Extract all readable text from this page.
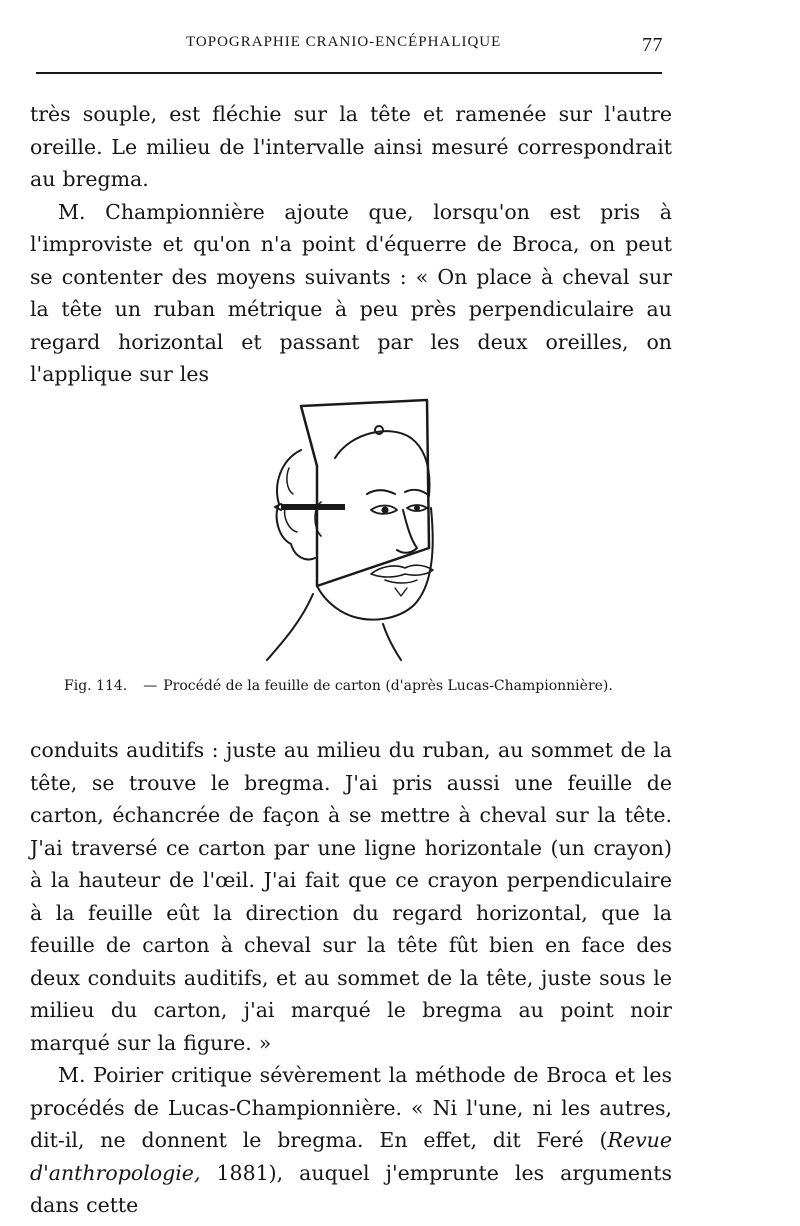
TOPOGRAPHIE CRANIO-ENCÉPHALIQUE	77

très souple, est fléchie sur la tête et ramenée sur l'autre oreille. Le milieu de l'intervalle ainsi mesuré correspondrait au bregma.

M. Championnière ajoute que, lorsqu'on est pris à l'improviste et qu'on n'a point d'équerre de Broca, on peut se contenter des moyens suivants : « On place à cheval sur la tête un ruban métrique à peu près perpendiculaire au regard horizontal et passant par les deux oreilles, on l'applique sur les

Fig. 114. — Procédé de la feuille de carton (d'après Lucas-Championnière).

conduits auditifs : juste au milieu du ruban, au sommet de la tête, se trouve le bregma. J'ai pris aussi une feuille de carton, échancrée de façon à se mettre à cheval sur la tête. J'ai traversé ce carton par une ligne horizontale (un crayon) à la hauteur de l'œil. J'ai fait que ce crayon perpendiculaire à la feuille eût la direction du regard horizontal, que la feuille de carton à cheval sur la tête fût bien en face des deux conduits auditifs, et au sommet de la tête, juste sous le milieu du carton, j'ai marqué le bregma au point noir marqué sur la figure. »

M. Poirier critique sévèrement la méthode de Broca et les procédés de Lucas-Championnière. « Ni l'une, ni les autres, dit-il, ne donnent le bregma. En effet, dit Feré (Revue d'anthropologie, 1881), auquel j'emprunte les arguments dans cette
